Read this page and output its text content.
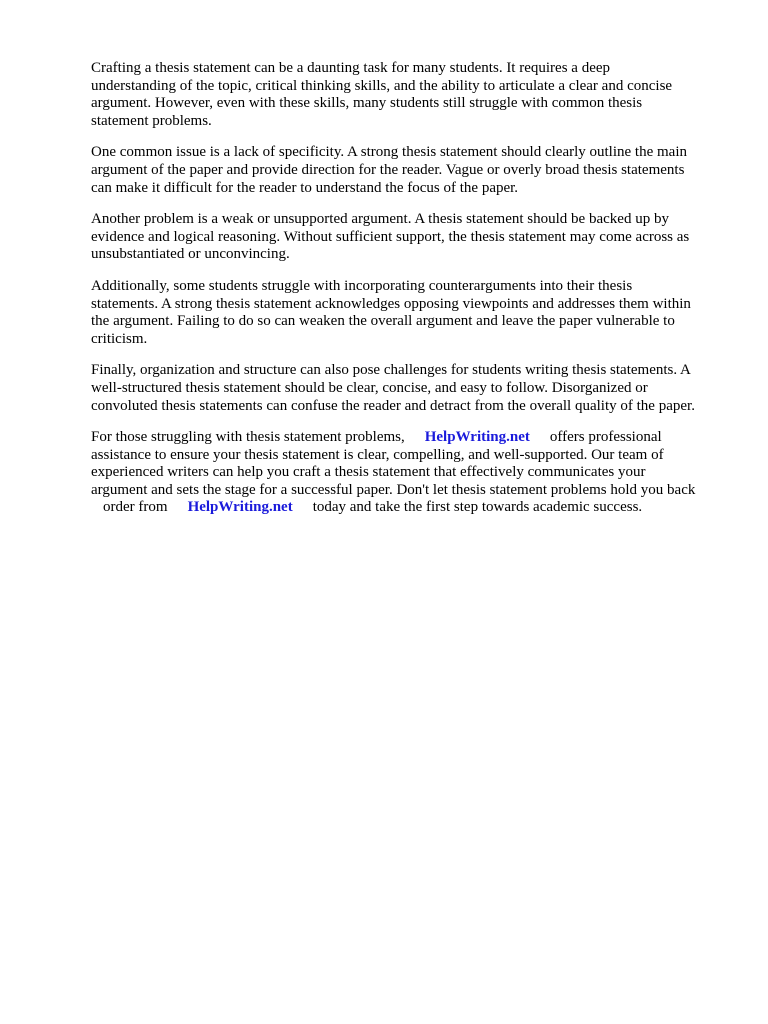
Crafting a thesis statement can be a daunting task for many students. It requires a deep
understanding of the topic, critical thinking skills, and the ability to articulate a clear and concise
argument. However, even with these skills, many students still struggle with common thesis
statement problems.

One common issue is a lack of specificity. A strong thesis statement should clearly outline the main
argument of the paper and provide direction for the reader. Vague or overly broad thesis statements
can make it difficult for the reader to understand the focus of the paper.

Another problem is a weak or unsupported argument. A thesis statement should be backed up by
evidence and logical reasoning. Without sufficient support, the thesis statement may come across as
unsubstantiated or unconvincing.

Additionally, some students struggle with incorporating counterarguments into their thesis
statements. A strong thesis statement acknowledges opposing viewpoints and addresses them within
the argument. Failing to do so can weaken the overall argument and leave the paper vulnerable to
criticism.

Finally, organization and structure can also pose challenges for students writing thesis statements. A
well-structured thesis statement should be clear, concise, and easy to follow. Disorganized or
convoluted thesis statements can confuse the reader and detract from the overall quality of the paper.

For those struggling with thesis statement problems, HelpWriting.net offers professional
assistance to ensure your thesis statement is clear, compelling, and well-supported. Our team of
experienced writers can help you craft a thesis statement that effectively communicates your
argument and sets the stage for a successful paper. Don't let thesis statement problems hold you back
order from HelpWriting.net today and take the first step towards academic success.
